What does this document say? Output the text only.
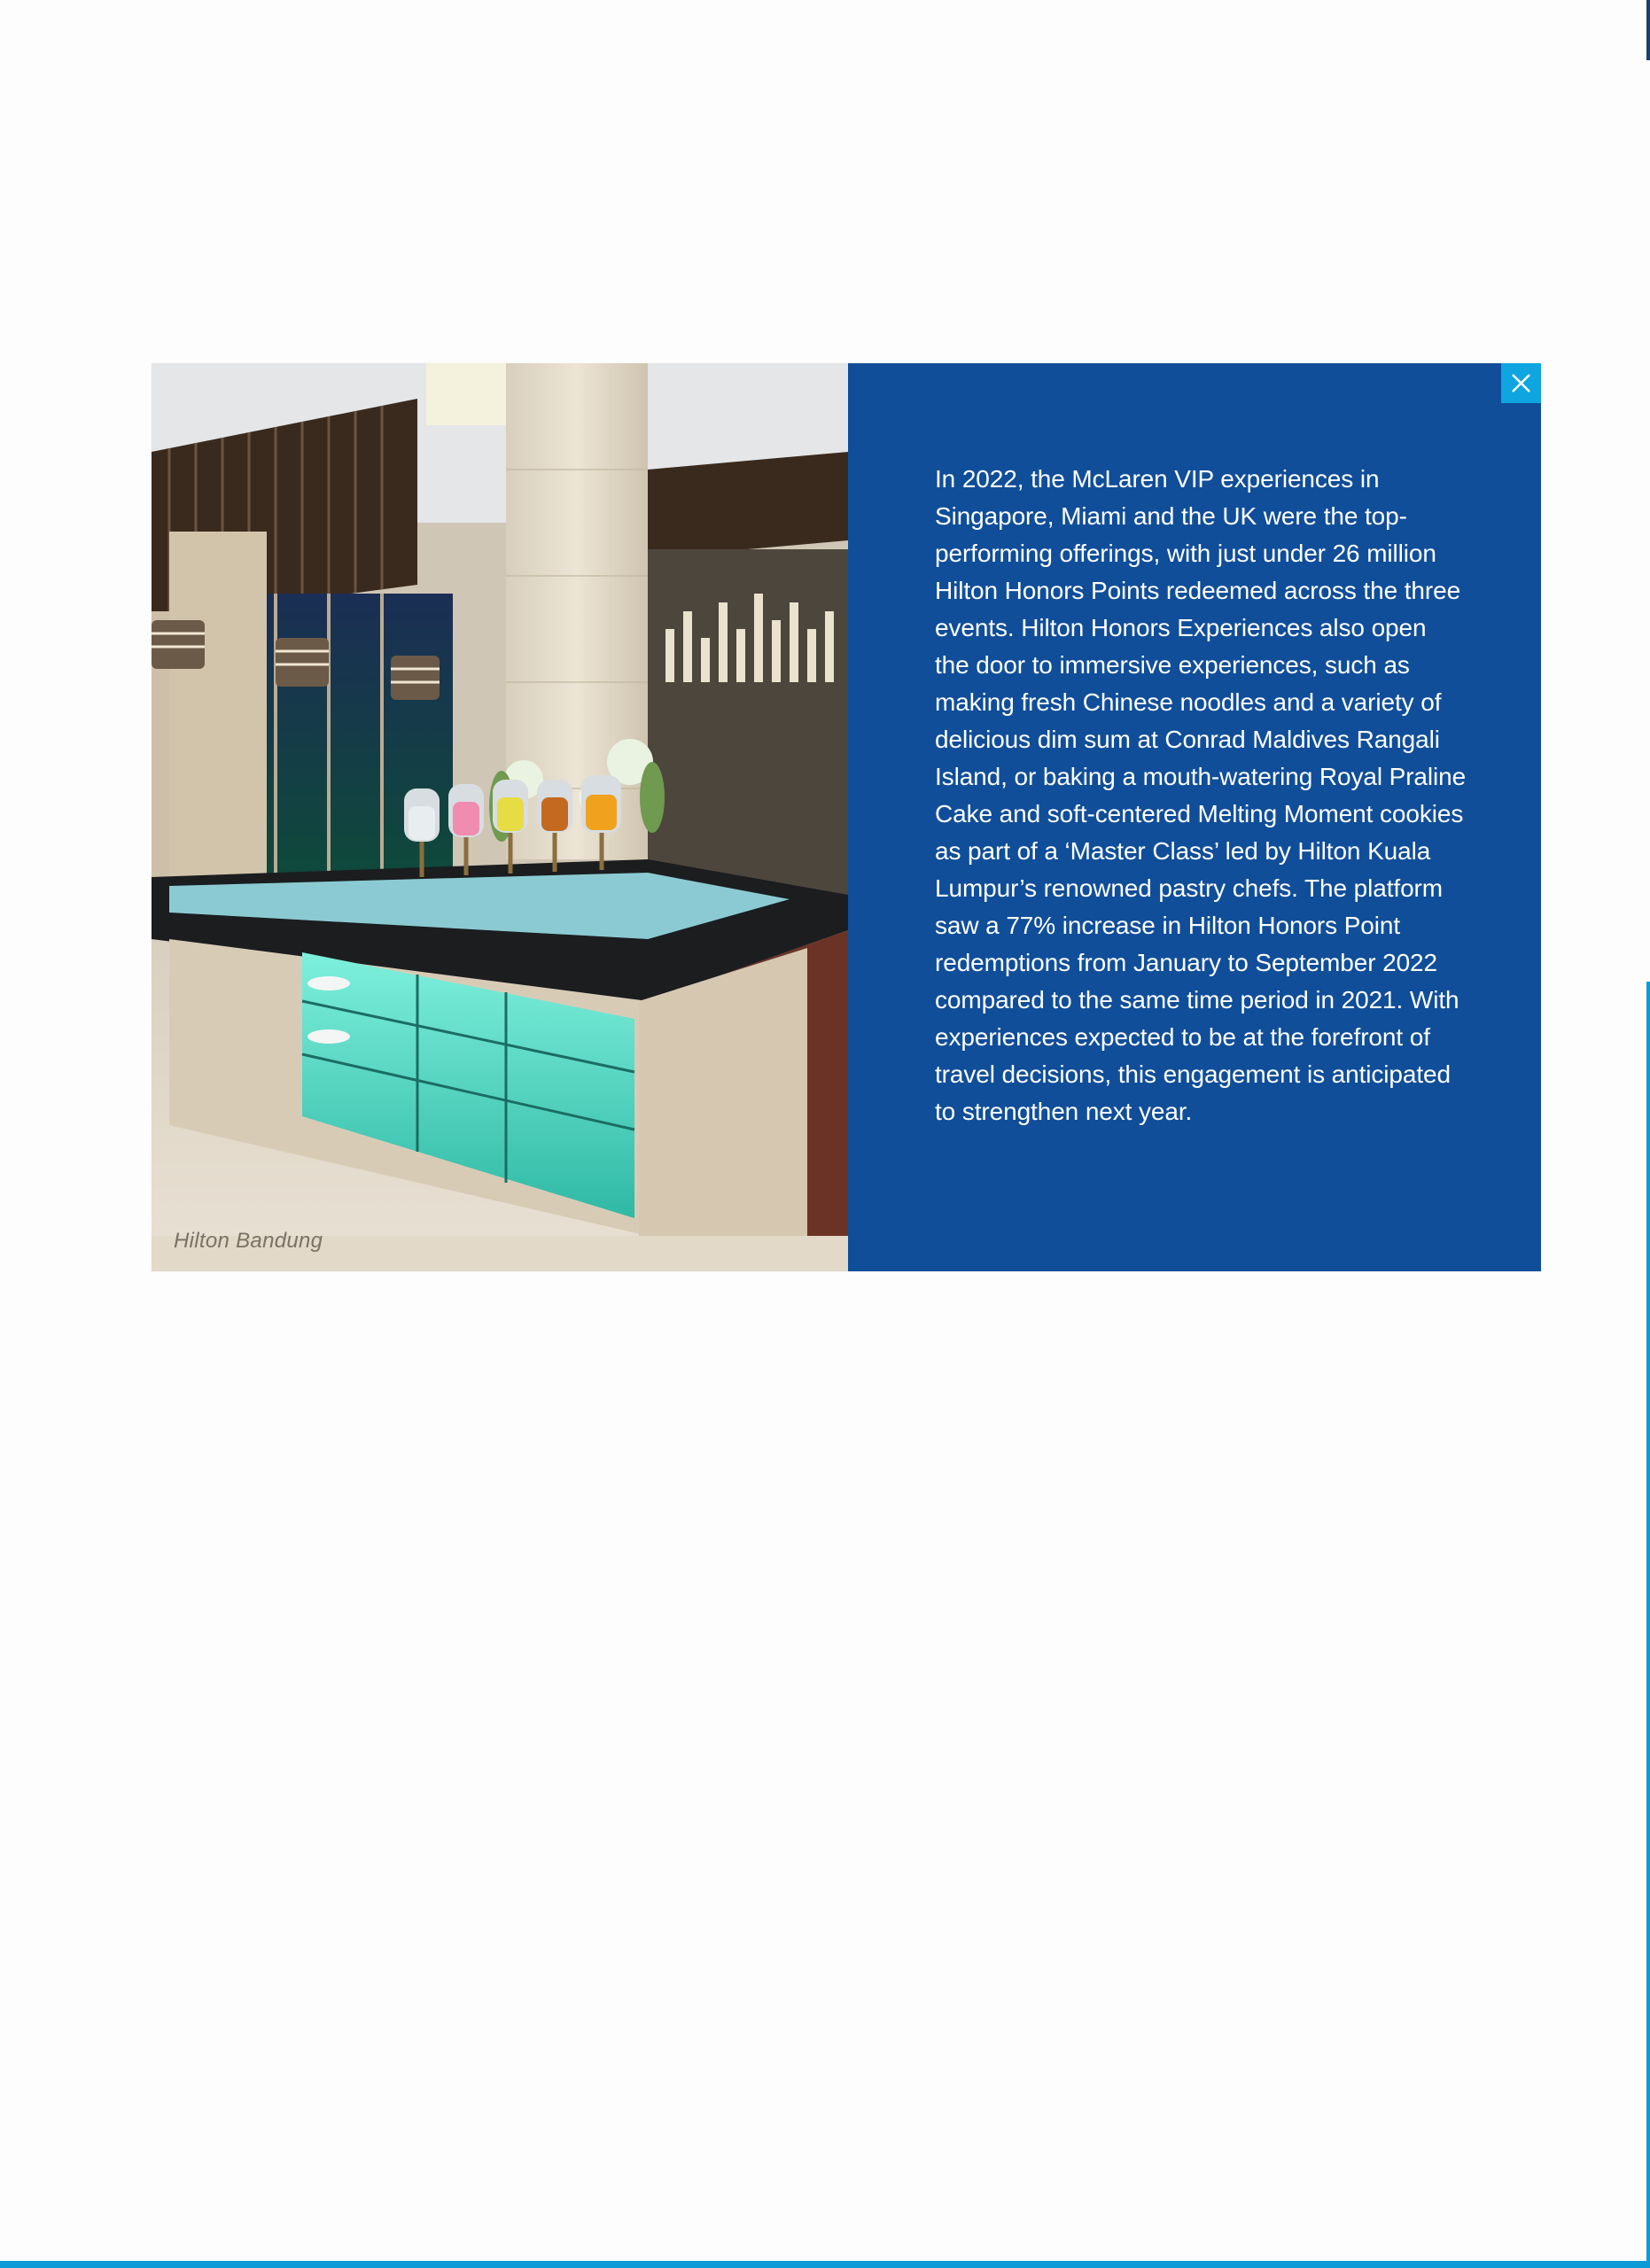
Hilton Bandung

In 2022, the McLaren VIP experiences in Singapore, Miami and the UK were the top-performing offerings, with just under 26 million Hilton Honors Points redeemed across the three events. Hilton Honors Experiences also open the door to immersive experiences, such as making fresh Chinese noodles and a variety of delicious dim sum at Conrad Maldives Rangali Island, or baking a mouth-watering Royal Praline Cake and soft-centered Melting Moment cookies as part of a ‘Master Class’ led by Hilton Kuala Lumpur’s renowned pastry chefs. The platform saw a 77% increase in Hilton Honors Point redemptions from January to September 2022 compared to the same time period in 2021. With experiences expected to be at the forefront of travel decisions, this engagement is anticipated to strengthen next year.
